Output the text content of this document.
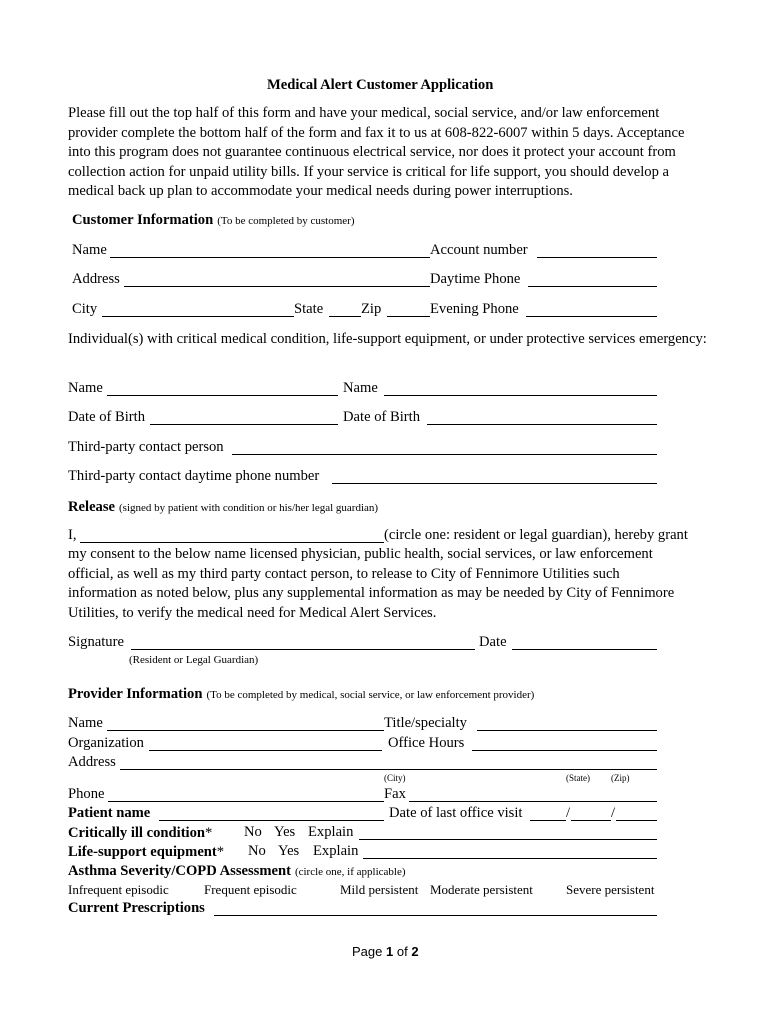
Medical Alert Customer Application
Please fill out the top half of this form and have your medical, social service, and/or law enforcement provider complete the bottom half of the form and fax it to us at 608-822-6007 within 5 days. Acceptance into this program does not guarantee continuous electrical service, nor does it protect your account from collection action for unpaid utility bills. If your service is critical for life support, you should develop a medical back up plan to accommodate your medical needs during power interruptions.
Customer Information (To be completed by customer)
Name	Account number
Address	Daytime Phone
City	State	Zip	Evening Phone
Individual(s) with critical medical condition, life-support equipment, or under protective services emergency:
Name	Name
Date of Birth	Date of Birth
Third-party contact person
Third-party contact daytime phone number
Release (signed by patient with condition or his/her legal guardian)
I,	(circle one: resident or legal guardian), hereby grant
my consent to the below name licensed physician, public health, social services, or law enforcement official, as well as my third party contact person, to release to City of Fennimore Utilities such information as noted below, plus any supplemental information as may be needed by City of Fennimore Utilities, to verify the medical need for Medical Alert Services.
Signature	Date
(Resident or Legal Guardian)
Provider Information (To be completed by medical, social service, or law enforcement provider)
Name	Title/specialty
Organization	Office Hours
Address
(City)	(State) (Zip)
Phone	Fax
Patient name	Date of last office visit	/	/
Critically ill condition* No Yes Explain
Life-support equipment* No Yes Explain
Asthma Severity/COPD Assessment (circle one, if applicable)
Infrequent episodic	Frequent episodic	Mild persistent Moderate persistent	Severe persistent
Current Prescriptions
Page 1 of 2
